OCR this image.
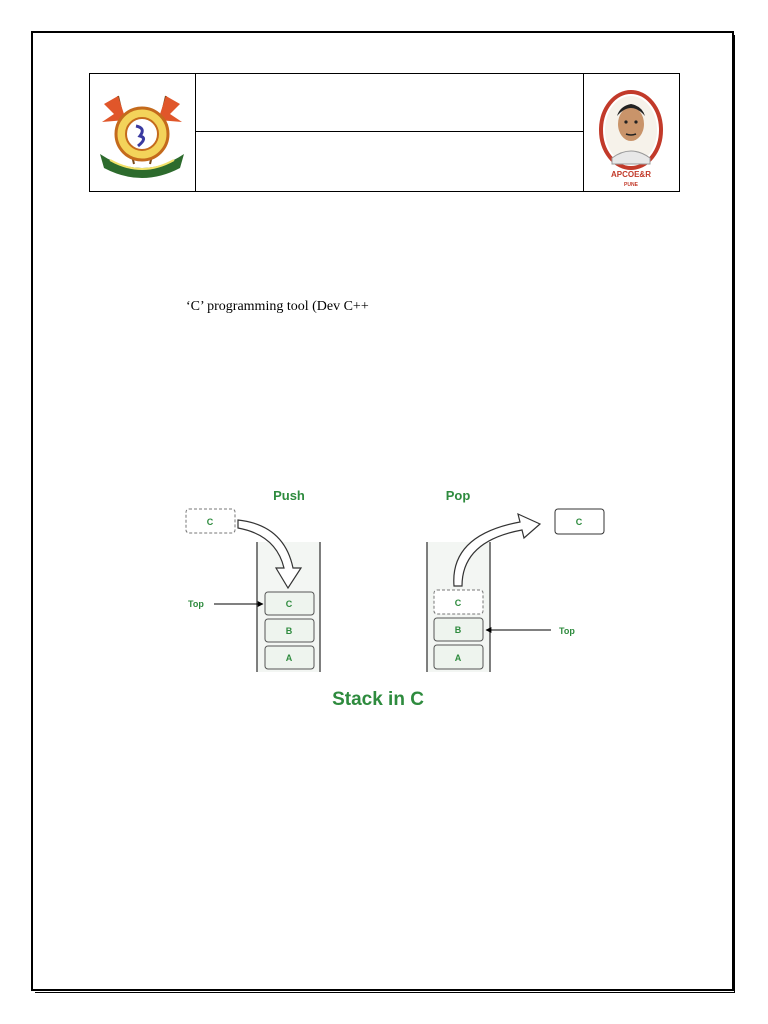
APCOE&R
PUNE
‘C’ programming tool (Dev C++
Push
C
C
B
A
Top
Pop
C
C
B
A
Top
Stack in C
